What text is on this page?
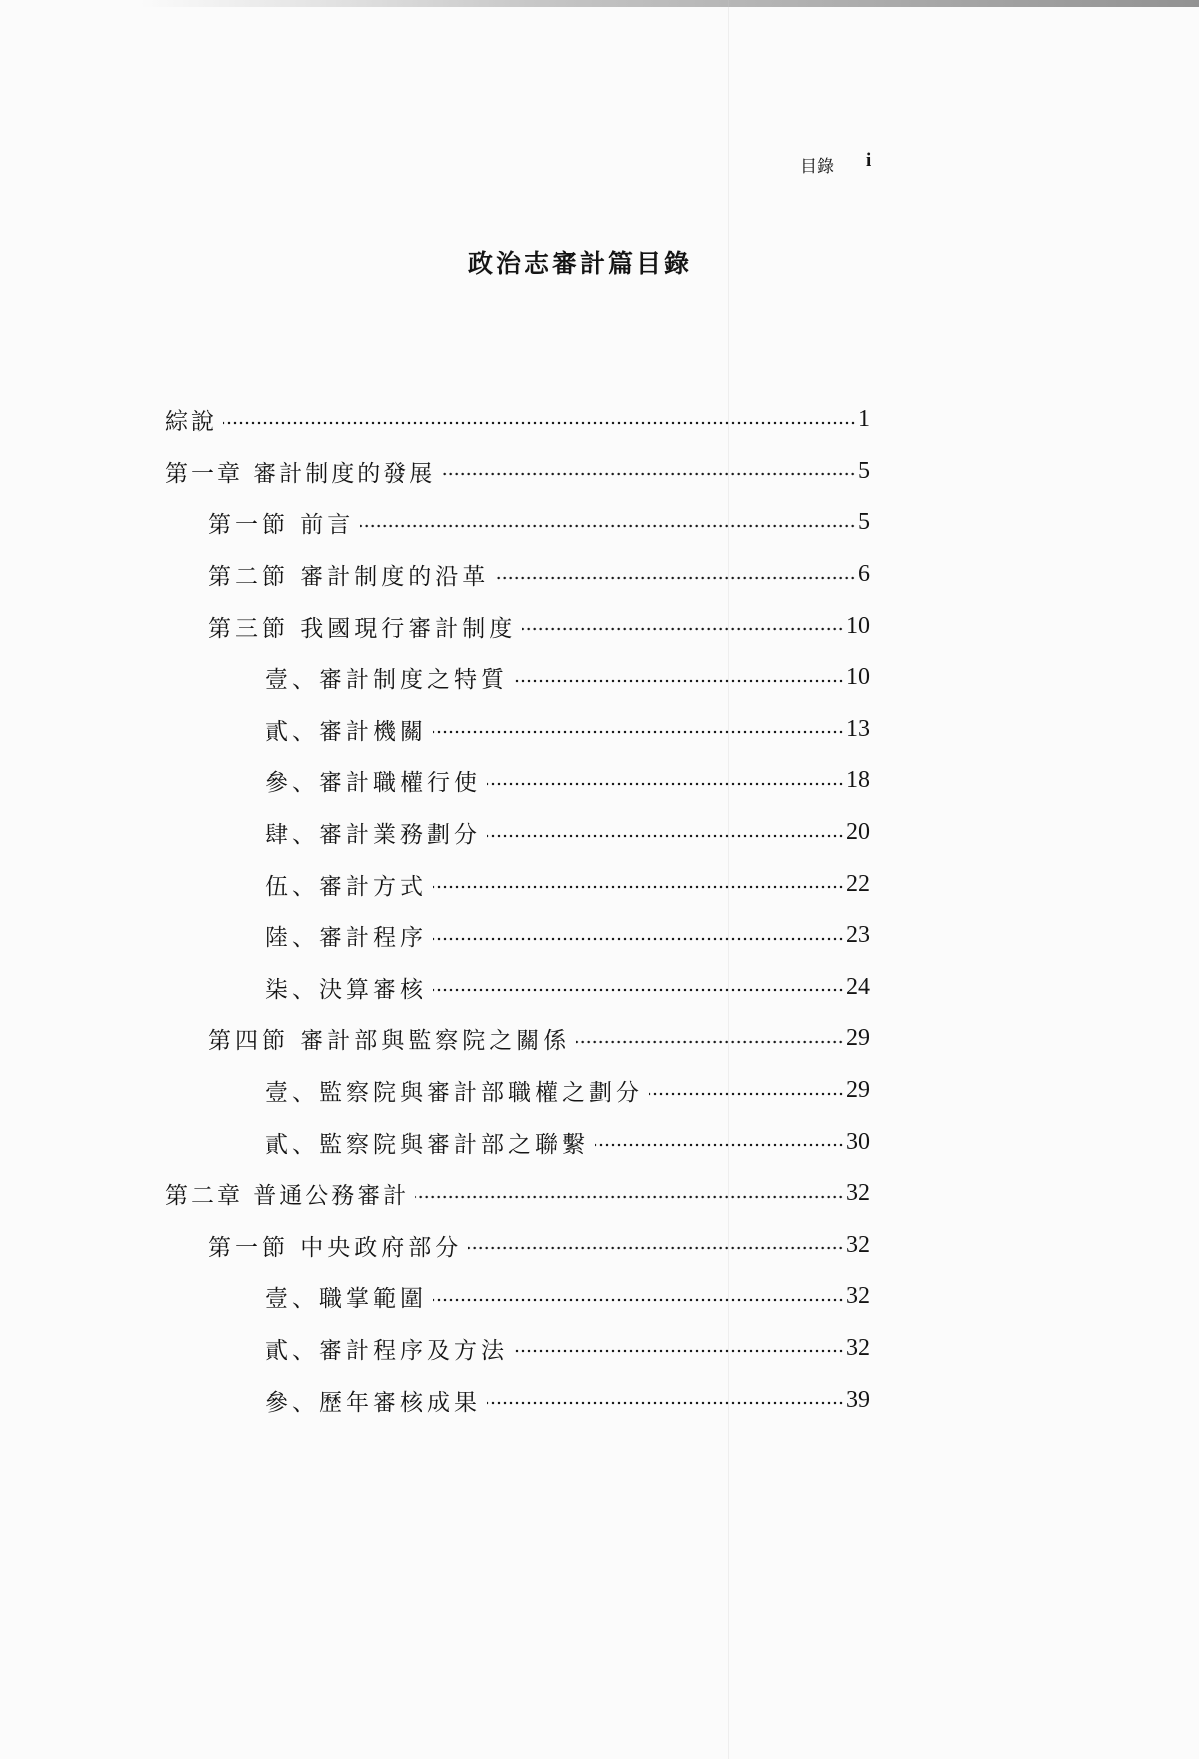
目錄 i
政治志審計篇目錄
綜說	1
第一章 審計制度的發展	5
第一節 前言	5
第二節 審計制度的沿革	6
第三節 我國現行審計制度	10
壹、審計制度之特質	10
貳、審計機關	13
參、審計職權行使	18
肆、審計業務劃分	20
伍、審計方式	22
陸、審計程序	23
柒、決算審核	24
第四節 審計部與監察院之關係	29
壹、監察院與審計部職權之劃分	29
貳、監察院與審計部之聯繫	30
第二章 普通公務審計	32
第一節 中央政府部分	32
壹、職掌範圍	32
貳、審計程序及方法	32
參、歷年審核成果	39
